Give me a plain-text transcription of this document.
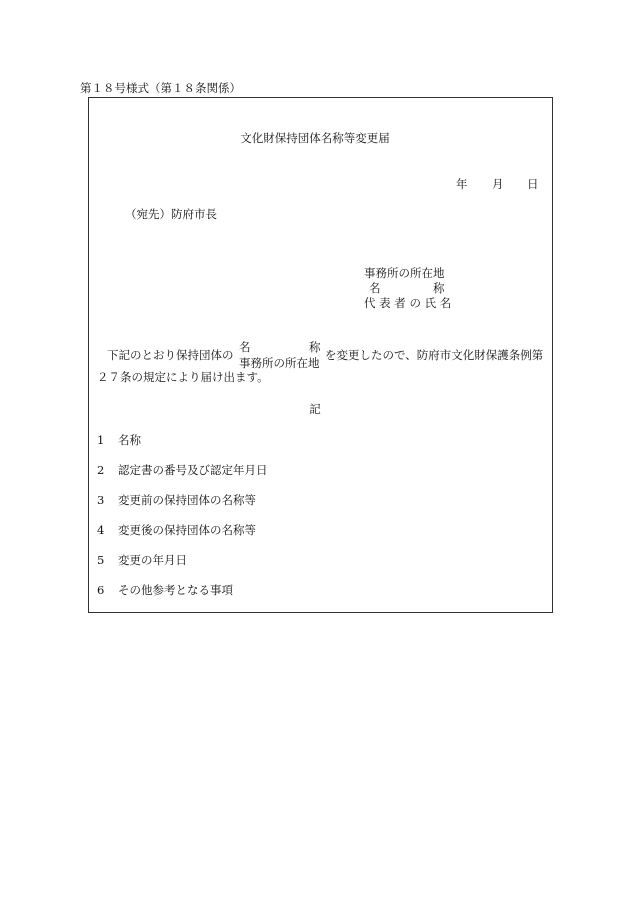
第１８号様式（第１８条関係）
文化財保持団体名称等変更届
年 月 日
（宛先）防府市長
事務所の所在地
名	称
代 表 者 の 氏 名
下記のとおり保持団体の
名	称
事務所の所在地
を変更したので、防府市文化財保護条例第
２７条の規定により届け出ます。
記
1 名称
2 認定書の番号及び認定年月日
3 変更前の保持団体の名称等
4 変更後の保持団体の名称等
5 変更の年月日
6 その他参考となる事項
